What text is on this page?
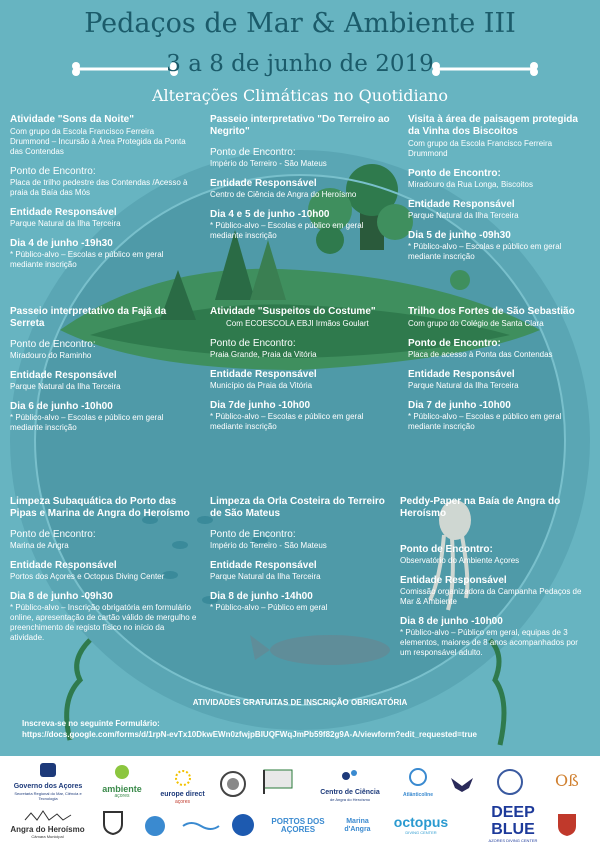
Pedaços de Mar & Ambiente III
3 a 8 de junho de 2019
Alterações Climáticas no Quotidiano
Atividade "Sons da Noite"
Com grupo da Escola Francisco Ferreira Drummond – Incursão à Área Protegida da Ponta das Contendas
Ponto de Encontro:
Placa de trilho pedestre das Contendas /Acesso à praia da Baía das Mós
Entidade Responsável
Parque Natural da Ilha Terceira
Dia 4 de junho -19h30
* Público-alvo – Escolas e público em geral mediante inscrição
Passeio interpretativo "Do Terreiro ao Negrito"
Ponto de Encontro:
Império do Terreiro - São Mateus
Entidade Responsável
Centro de Ciência de Angra do Heroísmo
Dia 4 e 5 de junho -10h00
* Público-alvo – Escolas e público em geral mediante inscrição
Visita à área de paisagem protegida da Vinha dos Biscoitos
Com grupo da Escola Francisco Ferreira Drummond
Ponto de Encontro:
Miradouro da Rua Longa, Biscoitos
Entidade Responsável
Parque Natural da Ilha Terceira
Dia 5 de junho -09h30
* Público-alvo – Escolas e público em geral mediante inscrição
Passeio interpretativo da Fajã da Serreta
Ponto de Encontro:
Miradouro do Raminho
Entidade Responsável
Parque Natural da Ilha Terceira
Dia 6 de junho -10h00
* Público-alvo – Escolas e público em geral mediante inscrição
Atividade "Suspeitos do Costume"
Com ECOESCOLA EBJI Irmãos Goulart
Ponto de Encontro:
Praia Grande, Praia da Vitória
Entidade Responsável
Município da Praia da Vitória
Dia 7de junho -10h00
* Público-alvo – Escolas e público em geral mediante inscrição
Trilho dos Fortes de São Sebastião
Com grupo do Colégio de Santa Clara
Ponto de Encontro:
Placa de acesso à Ponta das Contendas
Entidade Responsável
Parque Natural da Ilha Terceira
Dia 7 de junho -10h00
* Público-alvo – Escolas e público em geral mediante inscrição
Limpeza Subaquática do Porto das Pipas e Marina de Angra do Heroísmo
Ponto de Encontro:
Marina de Angra
Entidade Responsável
Portos dos Açores e Octopus Diving Center
Dia 8 de junho -09h30
* Público-alvo – Inscrição obrigatória em formulário online, apresentação de cartão válido de mergulho e preenchimento de registo físico no início da atividade.
Limpeza da Orla Costeira do Terreiro de São Mateus
Ponto de Encontro:
Império do Terreiro - São Mateus
Entidade Responsável
Parque Natural da Ilha Terceira
Dia 8 de junho -14h00
* Público-alvo – Público em geral
Peddy-Paper na Baía de Angra do Heroísmo
Ponto de Encontro:
Observatório do Ambiente Açores
Entidade Responsável
Comissão organizadora da Campanha Pedaços de Mar & Ambiente
Dia 8 de junho -10h00
* Público-alvo – Público em geral, equipas de 3 elementos, maiores de 8 anos acompanhados por um responsável adulto.
ATIVIDADES GRATUITAS DE INSCRIÇÃO OBRIGATÓRIA
Inscreva-se no seguinte Formulário:
https://docs.google.com/forms/d/1rpN-evTx10DkwEWn0zfwjpBIUQFWqJmPb59f82g9A-A/viewform?edit_requested=true
Governo dos Açores
Secretaria Regional do Mar, Ciência e Tecnologia
ambiente
açores	europe direct
açores
Centro de Ciência
de Angra do Heroísmo
Atlânticoline
Oß
Angra do Heroísmo
Câmara Municipal
PORTOS DOS AÇORES
Marina d'Angra	octopus
DIVING CENTER
DEEP BLUE
AZORES DIVING CENTER
